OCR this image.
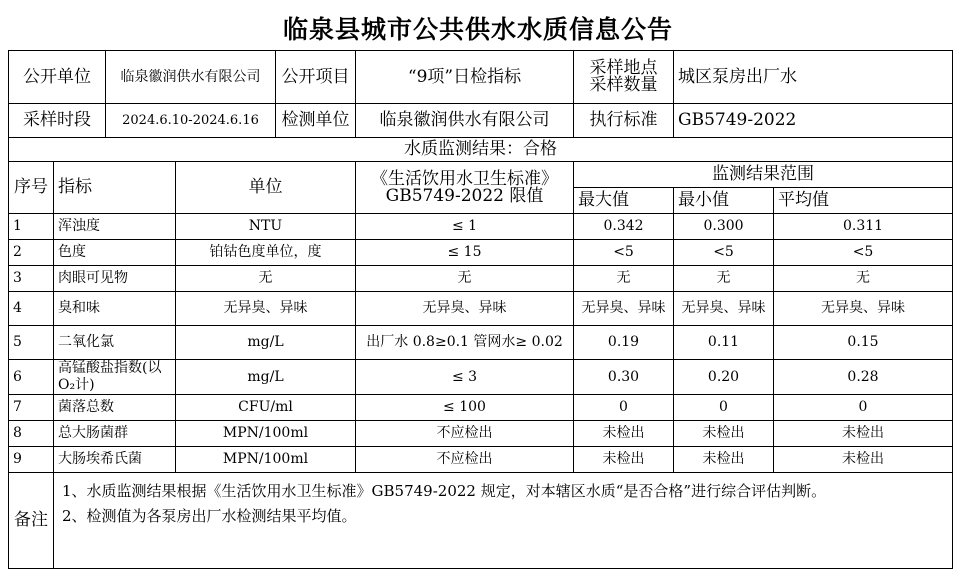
临泉县城市公共供水水质信息公告
公开单位		临泉徽润供水有限公司		公开项目	“9项”日检指标	采样地点
采样数量	城区泵房出厂水	
采样时段		2024.6.10-2024.6.16		检测单位	临泉徽润供水有限公司	执行标准	GB5749-2022	
水质监测结果：合格								
序号	指标		单位		《生活饮用水卫生标准》
GB5749-2022 限值	监测结果范围		
						最大值	最小值	平均值
1	浑浊度		NTU		≤ 1	0.342	0.300	0.311
2	色度		铂钴色度单位，度		≤ 15	<5	<5	<5
3	肉眼可见物		无		无	无	无	无
4	臭和味		无异臭、异味		无异臭、异味	无异臭、异味	无异臭、异味	无异臭、异味
5	二氧化氯		mg/L		出厂水 0.8≥0.1 管网水≥ 0.02	0.19	0.11	0.15
6	高锰酸盐指数(以 O₂计)		mg/L		≤ 3	0.30	0.20	0.28
7	菌落总数		CFU/ml		≤ 100	0	0	0
8	总大肠菌群		MPN/100ml		不应检出	未检出	未检出	未检出
9	大肠埃希氏菌		MPN/100ml		不应检出	未检出	未检出	未检出
备注	1、水质监测结果根据《生活饮用水卫生标准》GB5749-2022 规定，对本辖区水质“是否合格”进行综合评估判断。

2、检测值为各泵房出厂水检测结果平均值。							
